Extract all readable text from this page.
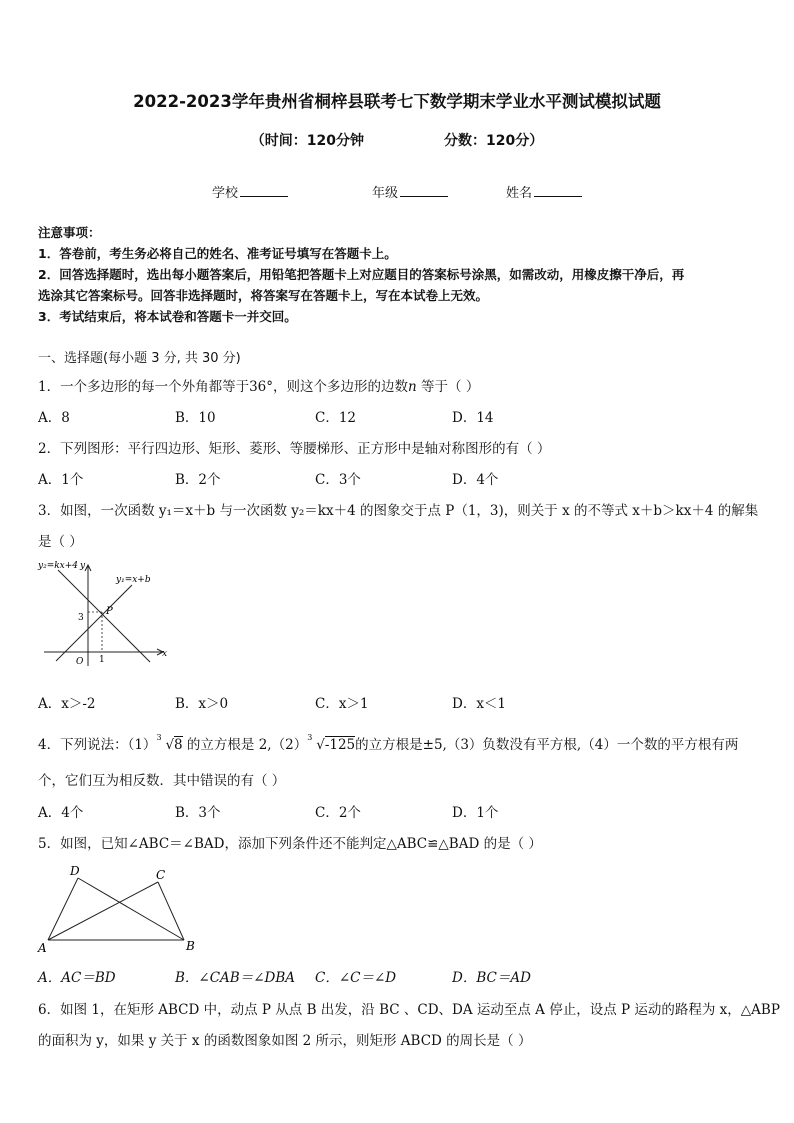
2022-2023学年贵州省桐梓县联考七下数学期末学业水平测试模拟试题
（时间：120分钟	分数：120分）
学校	年级	姓名
注意事项：
1．答卷前，考生务必将自己的姓名、准考证号填写在答题卡上。
2．回答选择题时，选出每小题答案后，用铅笔把答题卡上对应题目的答案标号涂黑，如需改动，用橡皮擦干净后，再
选涂其它答案标号。回答非选择题时，将答案写在答题卡上，写在本试卷上无效。
3．考试结束后，将本试卷和答题卡一并交回。
一、选择题(每小题 3 分, 共 30 分)
1．一个多边形的每一个外角都等于36°，则这个多边形的边数n 等于（ ）
A．8	B．10	C．12	D．14
2．下列图形：平行四边形、矩形、菱形、等腰梯形、正方形中是轴对称图形的有（ ）
A．1个	B．2个	C．3个	D．4个
3．如图，一次函数 y₁＝x＋b 与一次函数 y₂＝kx＋4 的图象交于点 P（1，3)，则关于 x 的不等式 x＋b＞kx＋4 的解集
是（ ）
y₂=kx+4 y
y₁=x+b
P
3
O 1
x
A．x＞-2	B．x＞0	C．x＞1	D．x＜1
4．下列说法：（1） 3 √8 的立方根是 2,（2） 3 √-125的立方根是±5,（3）负数没有平方根,（4）一个数的平方根有两
个，它们互为相反数．其中错误的有（ ）
A．4个	B．3个	C．2个	D．1个
5．如图，已知∠ABC＝∠BAD，添加下列条件还不能判定△ABC≌△BAD 的是（ ）
D	C
A	B
A．AC＝BD	B．∠CAB＝∠DBA C．∠C＝∠D	D．BC＝AD
6．如图 1，在矩形 ABCD 中，动点 P 从点 B 出发，沿 BC 、CD、DA 运动至点 A 停止，设点 P 运动的路程为 x，△ABP
的面积为 y，如果 y 关于 x 的函数图象如图 2 所示，则矩形 ABCD 的周长是（ ）
